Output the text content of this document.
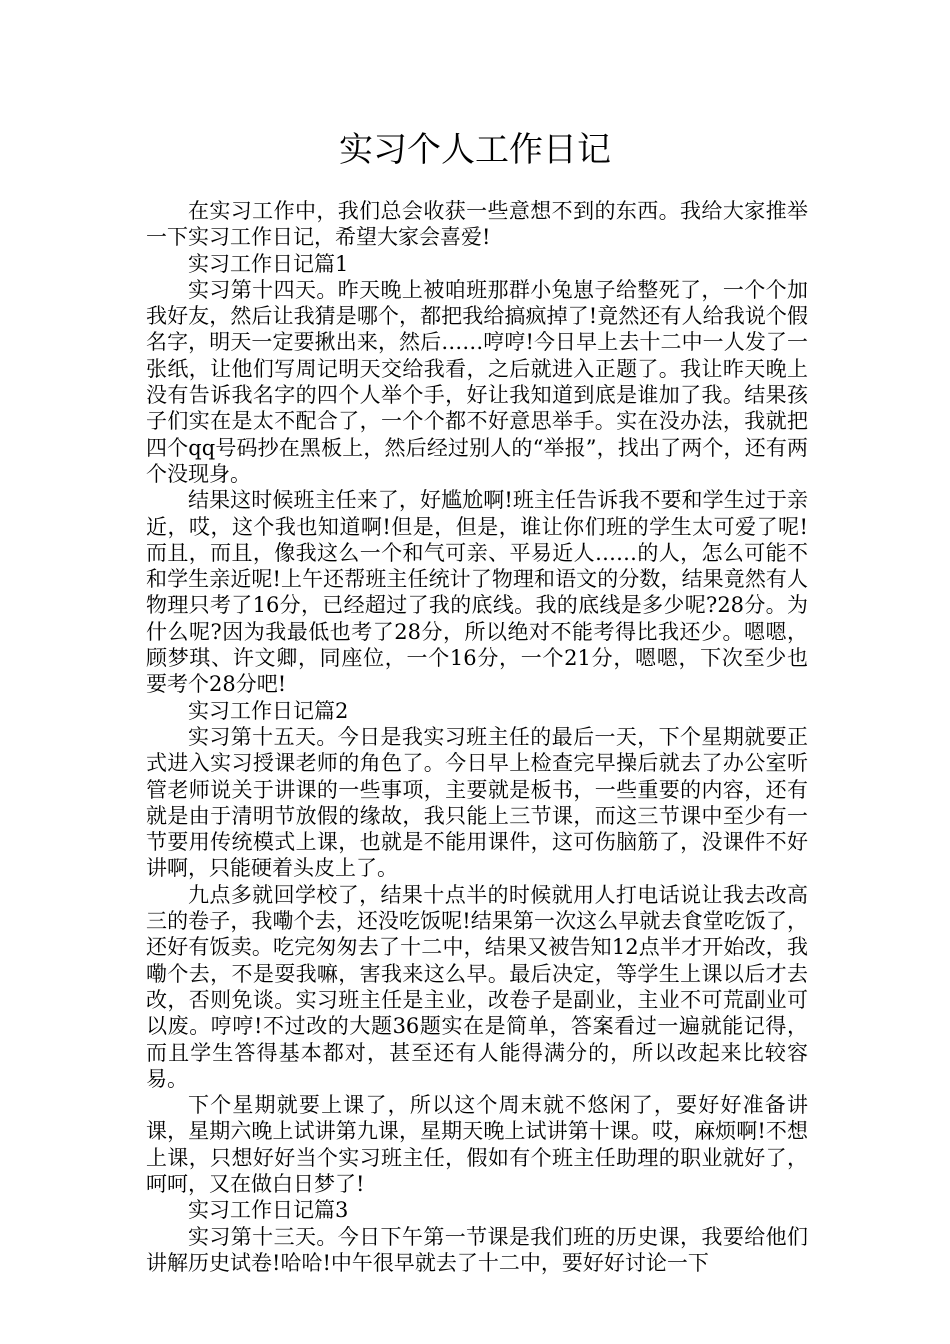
实习个人工作日记

在实习工作中，我们总会收获一些意想不到的东西。我给大家推举一下实习工作日记，希望大家会喜爱!

实习工作日记篇1

实习第十四天。昨天晚上被咱班那群小兔崽子给整死了，一个个加我好友，然后让我猜是哪个，都把我给搞疯掉了!竟然还有人给我说个假名字，明天一定要揪出来，然后……哼哼!今日早上去十二中一人发了一张纸，让他们写周记明天交给我看，之后就进入正题了。我让昨天晚上没有告诉我名字的四个人举个手，好让我知道到底是谁加了我。结果孩子们实在是太不配合了，一个个都不好意思举手。实在没办法，我就把四个qq号码抄在黑板上，然后经过别人的“举报”，找出了两个，还有两个没现身。

结果这时候班主任来了，好尴尬啊!班主任告诉我不要和学生过于亲近，哎，这个我也知道啊!但是，但是，谁让你们班的学生太可爱了呢!而且，而且，像我这么一个和气可亲、平易近人……的人，怎么可能不和学生亲近呢!上午还帮班主任统计了物理和语文的分数，结果竟然有人物理只考了16分，已经超过了我的底线。我的底线是多少呢?28分。为什么呢?因为我最低也考了28分，所以绝对不能考得比我还少。嗯嗯，顾梦琪、许文卿，同座位，一个16分，一个21分，嗯嗯，下次至少也要考个28分吧!

实习工作日记篇2

实习第十五天。今日是我实习班主任的最后一天，下个星期就要正式进入实习授课老师的角色了。今日早上检查完早操后就去了办公室听管老师说关于讲课的一些事项，主要就是板书，一些重要的内容，还有就是由于清明节放假的缘故，我只能上三节课，而这三节课中至少有一节要用传统模式上课，也就是不能用课件，这可伤脑筋了，没课件不好讲啊，只能硬着头皮上了。

九点多就回学校了，结果十点半的时候就用人打电话说让我去改高三的卷子，我嘞个去，还没吃饭呢!结果第一次这么早就去食堂吃饭了，还好有饭卖。吃完匆匆去了十二中，结果又被告知12点半才开始改，我嘞个去，不是耍我嘛，害我来这么早。最后决定，等学生上课以后才去改，否则免谈。实习班主任是主业，改卷子是副业，主业不可荒副业可以废。哼哼!不过改的大题36题实在是简单，答案看过一遍就能记得，而且学生答得基本都对，甚至还有人能得满分的，所以改起来比较容易。

下个星期就要上课了，所以这个周末就不悠闲了，要好好准备讲课，星期六晚上试讲第九课，星期天晚上试讲第十课。哎，麻烦啊!不想上课，只想好好当个实习班主任，假如有个班主任助理的职业就好了，呵呵，又在做白日梦了!

实习工作日记篇3

实习第十三天。今日下午第一节课是我们班的历史课，我要给他们讲解历史试卷!哈哈!中午很早就去了十二中，要好好讨论一下
